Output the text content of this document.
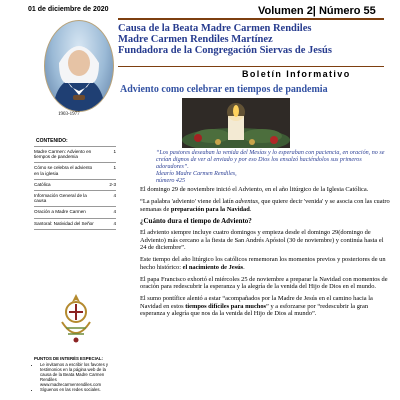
01 de diciembre de 2020	Volumen 2| Número 55
1903-1977
Causa de la Beata Madre Carmen Rendiles
Madre Carmen Rendiles Martínez
Fundadora de la Congregación Siervas de Jesús
Boletín Informativo
Adviento como celebrar en tiempos de pandemia
“Los pastores deseaban la venida del Mesías y lo esperaban con paciencia, en oración, no se creían dignos de ver al enviado y por eso Dios los ensalzó haciéndolos sus primeros adoradores”.
Idearío Madre Carmen Rendiles,
número 425

El domingo 29 de noviembre inició el Adviento, en el año litúrgico de la Iglesia Católica.

“La palabra 'adviento' viene del latín adventus, que quiere decir 'venida' y se asocia con las cuatro semanas de preparación para la Navidad.

¿Cuánto dura el tiempo de Adviento?

El adviento siempre incluye cuatro domingos y empieza desde el domingo 29(domingo de Adviento) más cercano a la fiesta de San Andrés Apóstol (30 de noviembre) y continúa hasta el 24 de diciembre”.

Este tiempo del año litúrgico los católicos rememoran los momentos previos y posteriores de un hecho histórico: el nacimiento de Jesús.

El papa Francisco exhortó el miércoles 25 de noviembre a preparar la Navidad con momentos de oración para redescubrir la esperanza y la alegría de la venida del Hijo de Dios en el mundo.

El sumo pontífice alentó a estar “acompañados por la Madre de Jesús en el camino hacia la Navidad en estos tiempos difíciles para muchos” y a esforzarse por “redescubrir la gran esperanza y alegría que nos da la venida del Hijo de Dios al mundo”.

CONTENIDO:
Madre Carmen: Adviento en tiempos de pandemia
1
Cómo se celebra el adviento en la iglesia
1
Católica	2-3
Información General de la causa
4
Oración a Madre Carmen	4
Santoral: Natividad del Señor	4
PUNTOS DE INTERÉS ESPECIAL:
• Le invitamos a escribir los favores y testimonios en la página web de la causa de la Beata Madre Carmen Rendiles www.madrecarmenrendiles.com
• Síguenos en las redes sociales.
